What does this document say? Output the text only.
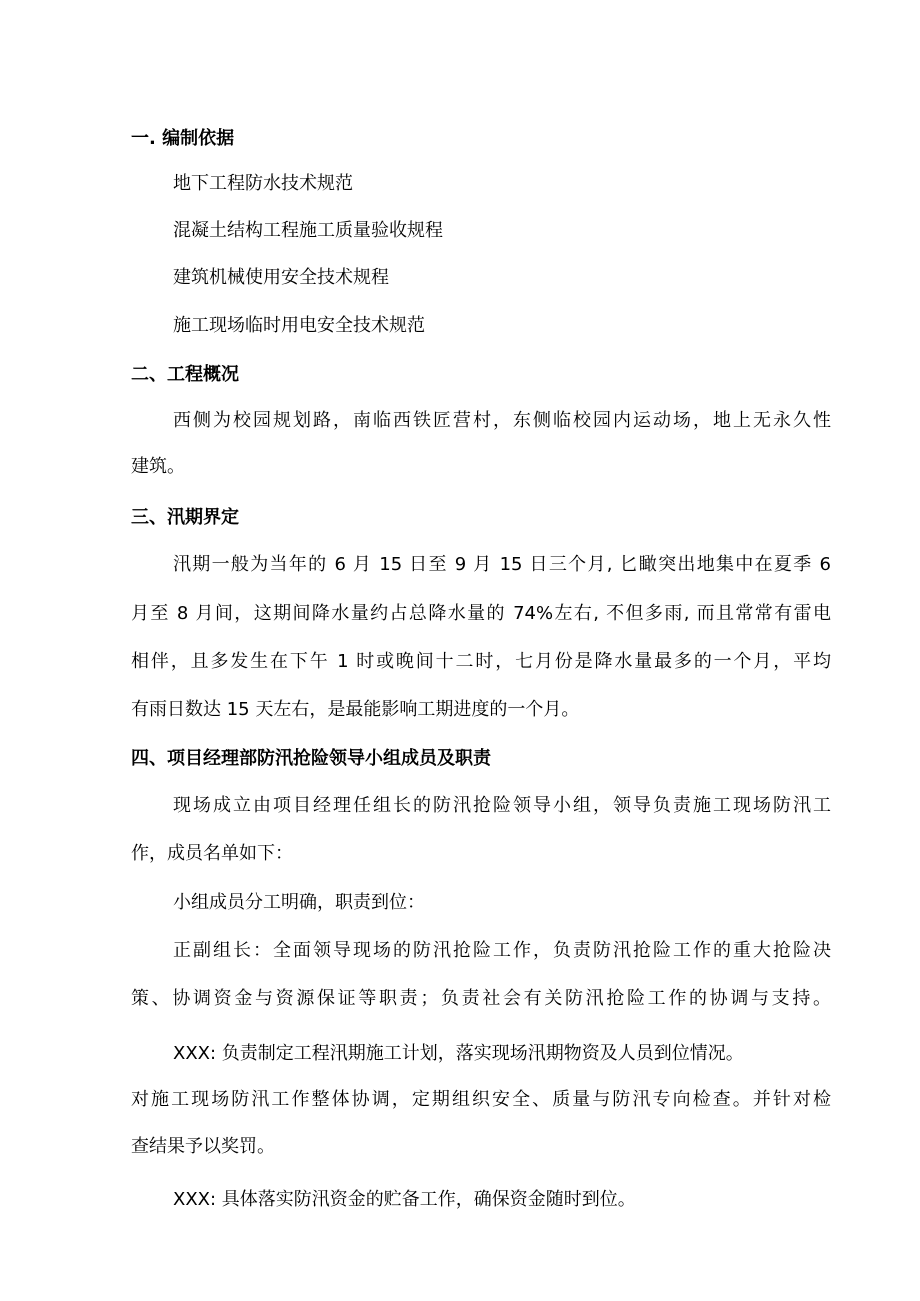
一. 编制依据

地下工程防水技术规范

混凝土结构工程施工质量验收规程

建筑机械使用安全技术规程

施工现场临时用电安全技术规范

二、工程概况

西侧为校园规划路，南临西铁匠营村，东侧临校园内运动场，地上无永久性

建筑。

三、汛期界定

汛期一般为当年的 6 月 15 日至 9 月 15 日三个月, 匕瞰突出地集中在夏季 6

月至 8 月间，这期间降水量约占总降水量的 74%左右, 不但多雨, 而且常常有雷电

相伴，且多发生在下午 1 时或晚间十二时，七月份是降水量最多的一个月，平均

有雨日数达 15 天左右，是最能影响工期进度的一个月。

四、项目经理部防汛抢险领导小组成员及职责

现场成立由项目经理任组长的防汛抢险领导小组，领导负责施工现场防汛工

作，成员名单如下：

小组成员分工明确，职责到位：

正副组长：全面领导现场的防汛抢险工作，负责防汛抢险工作的重大抢险决

策、协调资金与资源保证等职责；负责社会有关防汛抢险工作的协调与支持。

XXX: 负责制定工程汛期施工计划，落实现场汛期物资及人员到位情况。

对施工现场防汛工作整体协调，定期组织安全、质量与防汛专向检查。并针对检

查结果予以奖罚。

XXX: 具体落实防汛资金的贮备工作，确保资金随时到位。
